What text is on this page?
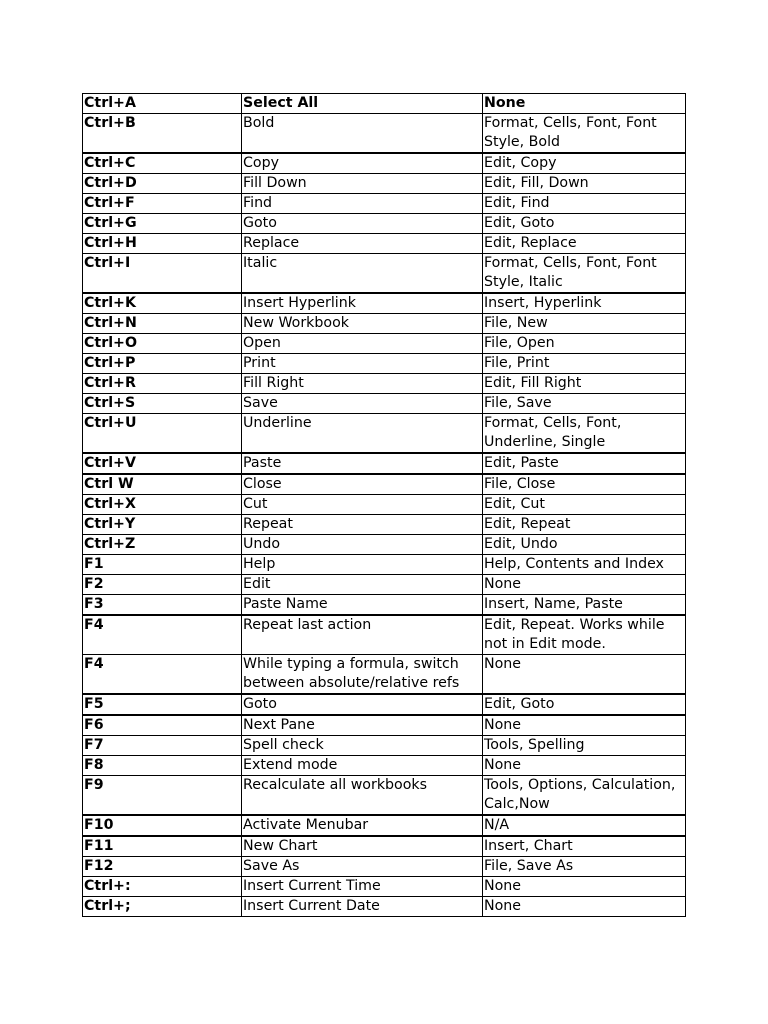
Ctrl+A	Select All	None
Ctrl+B	Bold	Format, Cells, Font, Font Style, Bold
Ctrl+C	Copy	Edit, Copy
Ctrl+D	Fill Down	Edit, Fill, Down
Ctrl+F	Find	Edit, Find
Ctrl+G	Goto	Edit, Goto
Ctrl+H	Replace	Edit, Replace
Ctrl+I	Italic	Format, Cells, Font, Font Style, Italic
Ctrl+K	Insert Hyperlink	Insert, Hyperlink
Ctrl+N	New Workbook	File, New
Ctrl+O	Open	File, Open
Ctrl+P	Print	File, Print
Ctrl+R	Fill Right	Edit, Fill Right
Ctrl+S	Save	File, Save
Ctrl+U	Underline	Format, Cells, Font, Underline, Single
Ctrl+V	Paste	Edit, Paste
Ctrl W	Close	File, Close
Ctrl+X	Cut	Edit, Cut
Ctrl+Y	Repeat	Edit, Repeat
Ctrl+Z	Undo	Edit, Undo
F1	Help	Help, Contents and Index
F2	Edit	None
F3	Paste Name	Insert, Name, Paste
F4	Repeat last action	Edit, Repeat. Works while not in Edit mode.
F4	While typing a formula, switch between absolute/relative refs	None
F5	Goto	Edit, Goto
F6	Next Pane	None
F7	Spell check	Tools, Spelling
F8	Extend mode	None
F9	Recalculate all workbooks	Tools, Options, Calculation, Calc,Now
F10	Activate Menubar	N/A
F11	New Chart	Insert, Chart
F12	Save As	File, Save As
Ctrl+:	Insert Current Time	None
Ctrl+;	Insert Current Date	None
